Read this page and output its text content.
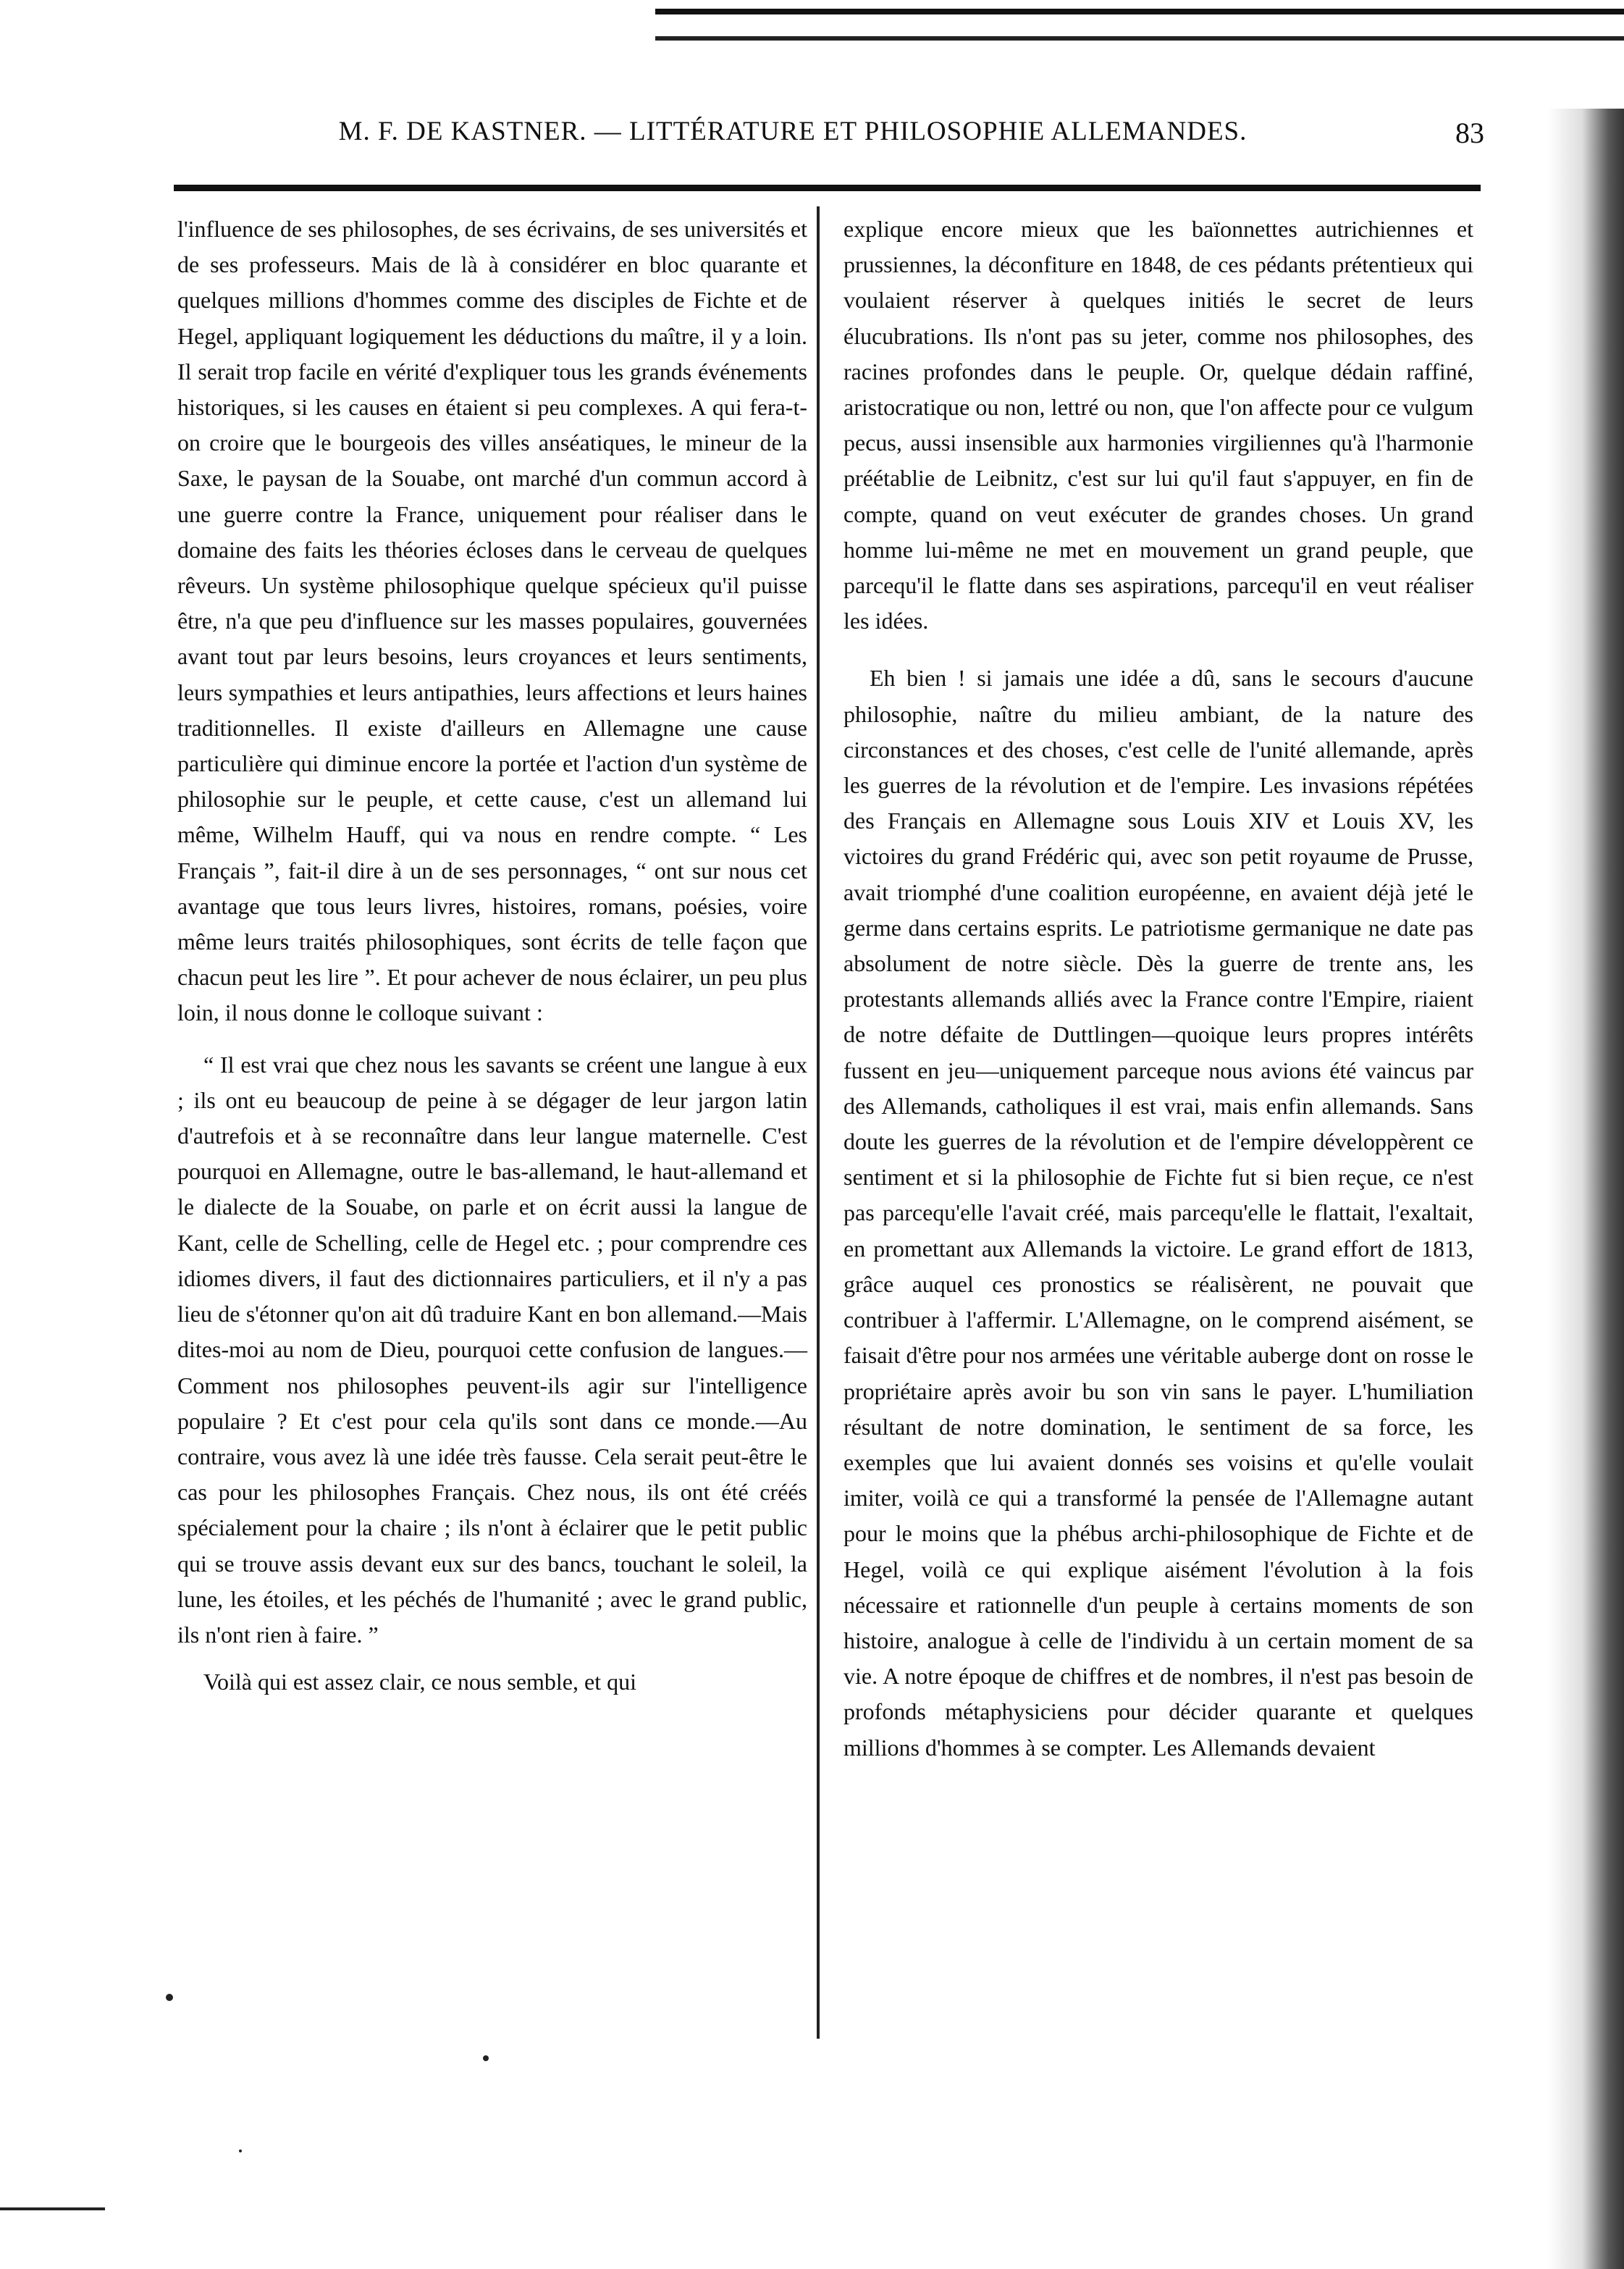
M. F. DE KASTNER. — LITTÉRATURE ET PHILOSOPHIE ALLEMANDES.	83

l'influence de ses philosophes, de ses écrivains, de ses universités et de ses professeurs. Mais de là à considérer en bloc quarante et quelques millions d'hommes comme des disciples de Fichte et de Hegel, appliquant logiquement les déductions du maître, il y a loin. Il serait trop facile en vérité d'expliquer tous les grands événements historiques, si les causes en étaient si peu complexes. A qui fera-t-on croire que le bourgeois des villes anséatiques, le mineur de la Saxe, le paysan de la Souabe, ont marché d'un commun accord à une guerre contre la France, uniquement pour réaliser dans le domaine des faits les théories écloses dans le cerveau de quelques rêveurs. Un système philosophique quelque spécieux qu'il puisse être, n'a que peu d'influence sur les masses populaires, gouvernées avant tout par leurs besoins, leurs croyances et leurs sentiments, leurs sympathies et leurs antipathies, leurs affections et leurs haines traditionnelles. Il existe d'ailleurs en Allemagne une cause particulière qui diminue encore la portée et l'action d'un système de philosophie sur le peuple, et cette cause, c'est un allemand lui même, Wilhelm Hauff, qui va nous en rendre compte. “ Les Français ”, fait-il dire à un de ses personnages, “ ont sur nous cet avantage que tous leurs livres, histoires, romans, poésies, voire même leurs traités philosophiques, sont écrits de telle façon que chacun peut les lire ”. Et pour achever de nous éclairer, un peu plus loin, il nous donne le colloque suivant :

“ Il est vrai que chez nous les savants se créent une langue à eux ; ils ont eu beaucoup de peine à se dégager de leur jargon latin d'autrefois et à se reconnaître dans leur langue maternelle. C'est pourquoi en Allemagne, outre le bas-allemand, le haut-allemand et le dialecte de la Souabe, on parle et on écrit aussi la langue de Kant, celle de Schelling, celle de Hegel etc. ; pour comprendre ces idiomes divers, il faut des dictionnaires particuliers, et il n'y a pas lieu de s'étonner qu'on ait dû traduire Kant en bon allemand.—Mais dites-moi au nom de Dieu, pourquoi cette confusion de langues.—Comment nos philosophes peuvent-ils agir sur l'intelligence populaire ? Et c'est pour cela qu'ils sont dans ce monde.—Au contraire, vous avez là une idée très fausse. Cela serait peut-être le cas pour les philosophes Français. Chez nous, ils ont été créés spécialement pour la chaire ; ils n'ont à éclairer que le petit public qui se trouve assis devant eux sur des bancs, touchant le soleil, la lune, les étoiles, et les péchés de l'humanité ; avec le grand public, ils n'ont rien à faire. ”

Voilà qui est assez clair, ce nous semble, et qui

explique encore mieux que les baïonnettes autrichiennes et prussiennes, la déconfiture en 1848, de ces pédants prétentieux qui voulaient réserver à quelques initiés le secret de leurs élucubrations. Ils n'ont pas su jeter, comme nos philosophes, des racines profondes dans le peuple. Or, quelque dédain raffiné, aristocratique ou non, lettré ou non, que l'on affecte pour ce vulgum pecus, aussi insensible aux harmonies virgiliennes qu'à l'harmonie préétablie de Leibnitz, c'est sur lui qu'il faut s'appuyer, en fin de compte, quand on veut exécuter de grandes choses. Un grand homme lui-même ne met en mouvement un grand peuple, que parcequ'il le flatte dans ses aspirations, parcequ'il en veut réaliser les idées.

Eh bien ! si jamais une idée a dû, sans le secours d'aucune philosophie, naître du milieu ambiant, de la nature des circonstances et des choses, c'est celle de l'unité allemande, après les guerres de la révolution et de l'empire. Les invasions répétées des Français en Allemagne sous Louis XIV et Louis XV, les victoires du grand Frédéric qui, avec son petit royaume de Prusse, avait triomphé d'une coalition européenne, en avaient déjà jeté le germe dans certains esprits. Le patriotisme germanique ne date pas absolument de notre siècle. Dès la guerre de trente ans, les protestants allemands alliés avec la France contre l'Empire, riaient de notre défaite de Duttlingen—quoique leurs propres intérêts fussent en jeu—uniquement parceque nous avions été vaincus par des Allemands, catholiques il est vrai, mais enfin allemands. Sans doute les guerres de la révolution et de l'empire développèrent ce sentiment et si la philosophie de Fichte fut si bien reçue, ce n'est pas parcequ'elle l'avait créé, mais parcequ'elle le flattait, l'exaltait, en promettant aux Allemands la victoire. Le grand effort de 1813, grâce auquel ces pronostics se réalisèrent, ne pouvait que contribuer à l'affermir. L'Allemagne, on le comprend aisément, se faisait d'être pour nos armées une véritable auberge dont on rosse le propriétaire après avoir bu son vin sans le payer. L'humiliation résultant de notre domination, le sentiment de sa force, les exemples que lui avaient donnés ses voisins et qu'elle voulait imiter, voilà ce qui a transformé la pensée de l'Allemagne autant pour le moins que la phébus archi-philosophique de Fichte et de Hegel, voilà ce qui explique aisément l'évolution à la fois nécessaire et rationnelle d'un peuple à certains moments de son histoire, analogue à celle de l'individu à un certain moment de sa vie. A notre époque de chiffres et de nombres, il n'est pas besoin de profonds métaphysiciens pour décider quarante et quelques millions d'hommes à se compter. Les Allemands devaient
